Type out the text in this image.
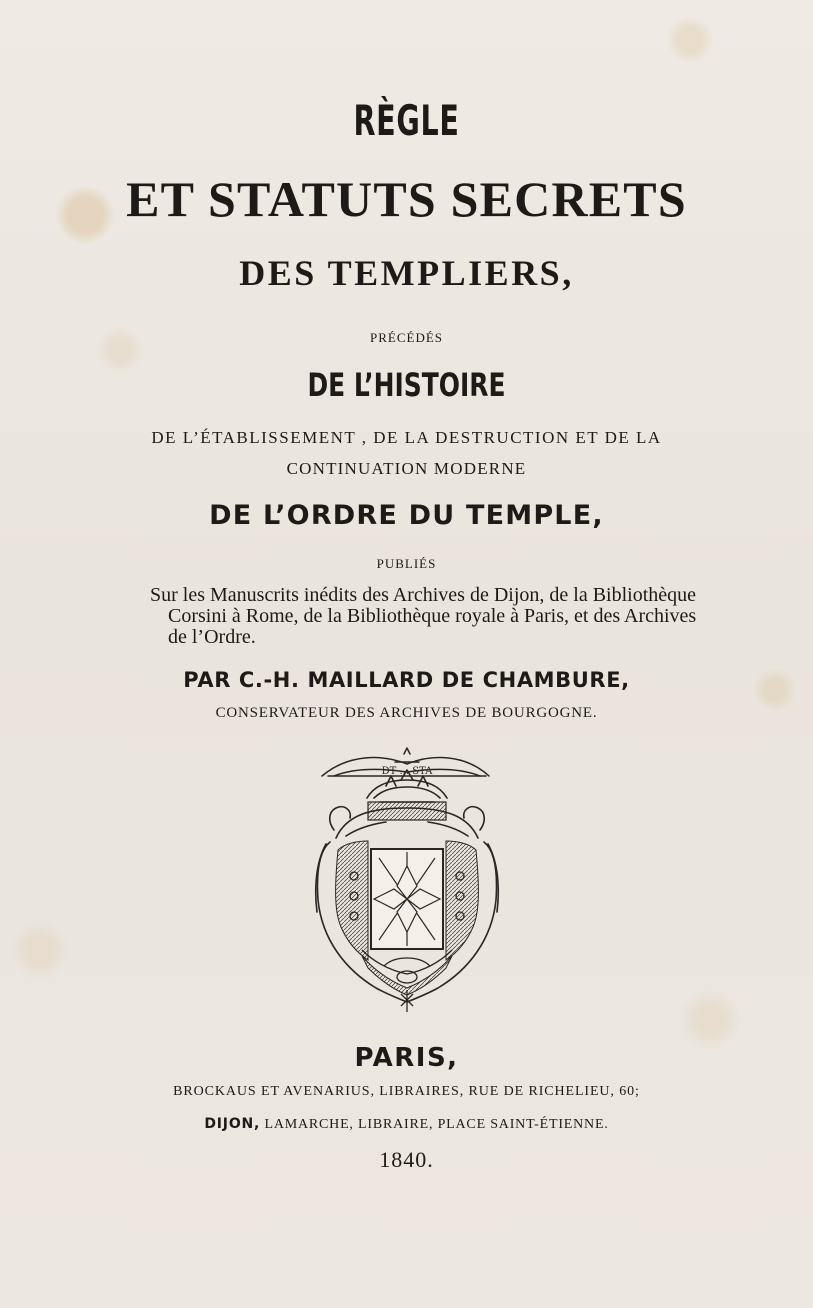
RÈGLE
ET STATUTS SECRETS
DES TEMPLIERS,
PRÉCÉDÉS
DE L’HISTOIRE
DE L’ÉTABLISSEMENT , DE LA DESTRUCTION ET DE LA
CONTINUATION MODERNE
DE L’ORDRE DU TEMPLE,
PUBLIÉS
Sur les Manuscrits inédits des Archives de Dijon, de la Bibliothèque
Corsini à Rome, de la Bibliothèque royale à Paris, et des Archives
de l’Ordre.
PAR C.-H. MAILLARD DE CHAMBURE,
CONSERVATEUR DES ARCHIVES DE BOURGOGNE.
DT ... STA
PARIS,
BROCKAUS ET AVENARIUS, LIBRAIRES, RUE DE RICHELIEU, 60;
DIJON, LAMARCHE, LIBRAIRE, PLACE SAINT-ÉTIENNE.
1840.
